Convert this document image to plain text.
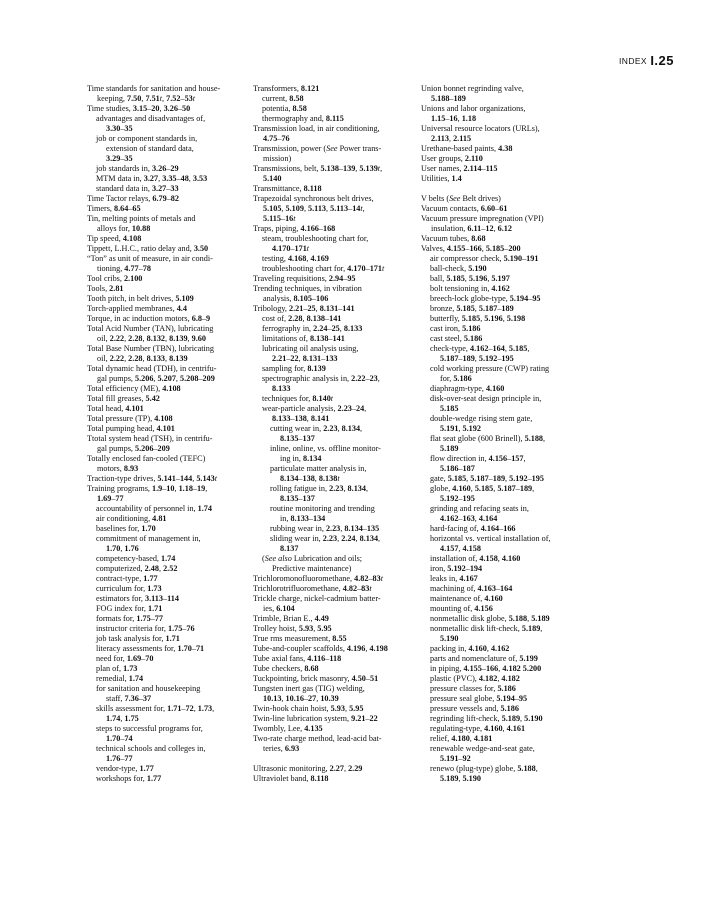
INDEX I.25
Time standards for sanitation and house-
keeping, 7.50, 7.51t, 7.52–53t
Time studies, 3.15–20, 3.26–50
advantages and disadvantages of,
3.30–35
job or component standards in,
extension of standard data,
3.29–35
job standards in, 3.26–29
MTM data in, 3.27, 3.35–48, 3.53
standard data in, 3.27–33
Time Tactor relays, 6.79–82
Timers, 8.64–65
Tin, melting points of metals and
alloys for, 10.88
Tip speed, 4.108
Tippett, L.H.C., ratio delay and, 3.50
“Ton” as unit of measure, in air condi-
tioning, 4.77–78
Tool cribs, 2.100
Tools, 2.81
Tooth pitch, in belt drives, 5.109
Torch-applied membranes, 4.4
Torque, in ac induction motors, 6.8–9
Total Acid Number (TAN), lubricating
oil, 2.22, 2.28, 8.132, 8.139, 9.60
Total Base Number (TBN), lubricating
oil, 2.22, 2.28, 8.133, 8.139
Total dynamic head (TDH), in centrifu-
gal pumps, 5.206, 5.207, 5.208–209
Total efficiency (ME), 4.108
Total fill greases, 5.42
Total head, 4.101
Total pressure (TP), 4.108
Total pumping head, 4.101
Ttotal system head (TSH), in centrifu-
gal pumps, 5.206–209
Totally enclosed fan-cooled (TEFC)
motors, 8.93
Traction-type drives, 5.141–144, 5.143t
Training programs, 1.9–10, 1.18–19,
1.69–77
accountability of personnel in, 1.74
air conditioning, 4.81
baselines for, 1.70
commitment of management in,
1.70, 1.76
competency-based, 1.74
computerized, 2.48, 2.52
contract-type, 1.77
curriculum for, 1.73
estimators for, 3.113–114
FOG index for, 1.71
formats for, 1.75–77
instructor criteria for, 1.75–76
job task analysis for, 1.71
literacy assessments for, 1.70–71
need for, 1.69–70
plan of, 1.73
remedial, 1.74
for sanitation and housekeeping
staff, 7.36–37
skills assessment for, 1.71–72, 1.73,
1.74, 1.75
steps to successful programs for,
1.70–74
technical schools and colleges in,
1.76–77
vendor-type, 1.77
workshops for, 1.77
Transformers, 8.121
current, 8.58
potentia, 8.58
thermography and, 8.115
Transmission load, in air conditioning,
4.75–76
Transmission, power (See Power trans-
mission)
Transmissions, belt, 5.138–139, 5.139t,
5.140
Transmittance, 8.118
Trapezoidal synchronous belt drives,
5.105, 5.109, 5.113, 5.113–14t,
5.115–16t
Traps, piping, 4.166–168
steam, troubleshooting chart for,
4.170–171t
testing, 4.168, 4.169
troubleshooting chart for, 4.170–171t
Traveling requisitions, 2.94–95
Trending techniques, in vibration
analysis, 8.105–106
Tribology, 2.21–25, 8.131–141
cost of, 2.28, 8.138–141
ferrography in, 2.24–25, 8.133
limitations of, 8.138–141
lubricating oil analysis using,
2.21–22, 8.131–133
sampling for, 8.139
spectrographic analysis in, 2.22–23,
8.133
techniques for, 8.140t
wear-particle analysis, 2.23–24,
8.133–138, 8.141
cutting wear in, 2.23, 8.134,
8.135–137
inline, online, vs. offline monitor-
ing in, 8.134
particulate matter analysis in,
8.134–138, 8.138t
rolling fatigue in, 2.23, 8.134,
8.135–137
routine monitoring and trending
in, 8.133–134
rubbing wear in, 2.23, 8.134–135
sliding wear in, 2.23, 2.24, 8.134,
8.137
(See also Lubrication and oils;
Predictive maintenance)
Trichloromonofluoromethane, 4.82–83t
Trichlorotrifluoromethane, 4.82–83t
Trickle charge, nickel-cadmium batter-
ies, 6.104
Trimble, Brian E., 4.49
Trolley hoist, 5.93, 5.95
True rms measurement, 8.55
Tube-and-coupler scaffolds, 4.196, 4.198
Tube axial fans, 4.116–118
Tube checkers, 8.68
Tuckpointing, brick masonry, 4.50–51
Tungsten inert gas (TIG) welding,
10.13, 10.16–27, 10.39
Twin-hook chain hoist, 5.93, 5.95
Twin-line lubrication system, 9.21–22
Twombly, Lee, 4.135
Two-rate charge method, lead-acid bat-
teries, 6.93
Ultrasonic monitoring, 2.27, 2.29
Ultraviolet band, 8.118
Union bonnet regrinding valve,
5.188–189
Unions and labor organizations,
1.15–16, 1.18
Universal resource locators (URLs),
2.113, 2.115
Urethane-based paints, 4.38
User groups, 2.110
User names, 2.114–115
Utilities, 1.4
V belts (See Belt drives)
Vacuum contacts, 6.60–61
Vacuum pressure impregnation (VPI)
insulation, 6.11–12, 6.12
Vacuum tubes, 8.68
Valves, 4.155–166, 5.185–200
air compressor check, 5.190–191
ball-check, 5.190
ball, 5.185, 5.196, 5.197
bolt tensioning in, 4.162
breech-lock globe-type, 5.194–95
bronze, 5.185, 5.187–189
butterfly, 5.185, 5.196, 5.198
cast iron, 5.186
cast steel, 5.186
check-type, 4.162–164, 5.185,
5.187–189, 5.192–195
cold working pressure (CWP) rating
for, 5.186
diaphragm-type, 4.160
disk-over-seat design principle in,
5.185
double-wedge rising stem gate,
5.191, 5.192
flat seat globe (600 Brinell), 5.188,
5.189
flow direction in, 4.156–157,
5.186–187
gate, 5.185, 5.187–189, 5.192–195
globe, 4.160, 5.185, 5.187–189,
5.192–195
grinding and refacing seats in,
4.162–163, 4.164
hard-facing of, 4.164–166
horizontal vs. vertical installation of,
4.157, 4.158
installation of, 4.158, 4.160
iron, 5.192–194
leaks in, 4.167
machining of, 4.163–164
maintenance of, 4.160
mounting of, 4.156
nonmetallic disk globe, 5.188, 5.189
nonmetallic disk lift-check, 5.189,
5.190
packing in, 4.160, 4.162
parts and nomenclature of, 5.199
in piping, 4.155–166, 4.182 5.200
plastic (PVC), 4.182, 4.182
pressure classes for, 5.186
pressure seal globe, 5.194–95
pressure vessels and, 5.186
regrinding lift-check, 5.189, 5.190
regulating-type, 4.160, 4.161
relief, 4.180, 4.181
renewable wedge-and-seat gate,
5.191–92
renewo (plug-type) globe, 5.188,
5.189, 5.190
